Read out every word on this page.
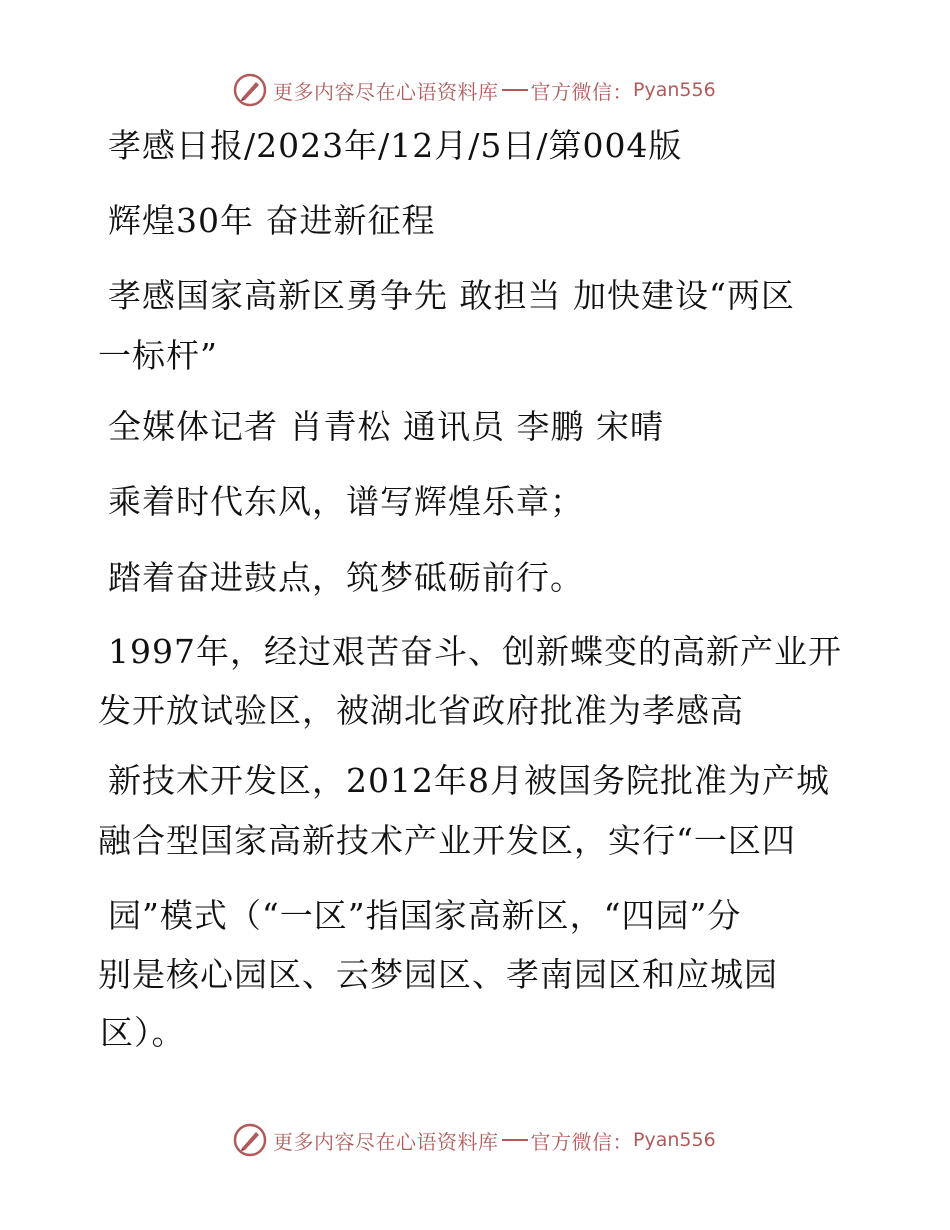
更多内容尽在心语资料库 官方微信： Pyan556
孝感日报/2023年/12月/5日/第004版
辉煌30年 奋进新征程
孝感国家高新区勇争先 敢担当 加快建设“两区
一标杆”
全媒体记者 肖青松 通讯员 李鹏 宋晴
乘着时代东风，谱写辉煌乐章；
踏着奋进鼓点，筑梦砥砺前行。
1997年，经过艰苦奋斗、创新蝶变的高新产业开
发开放试验区，被湖北省政府批准为孝感高
新技术开发区，2012年8月被国务院批准为产城
融合型国家高新技术产业开发区，实行“一区四
园”模式（“一区”指国家高新区，“四园”分
别是核心园区、云梦园区、孝南园区和应城园
区）。
更多内容尽在心语资料库 官方微信： Pyan556
